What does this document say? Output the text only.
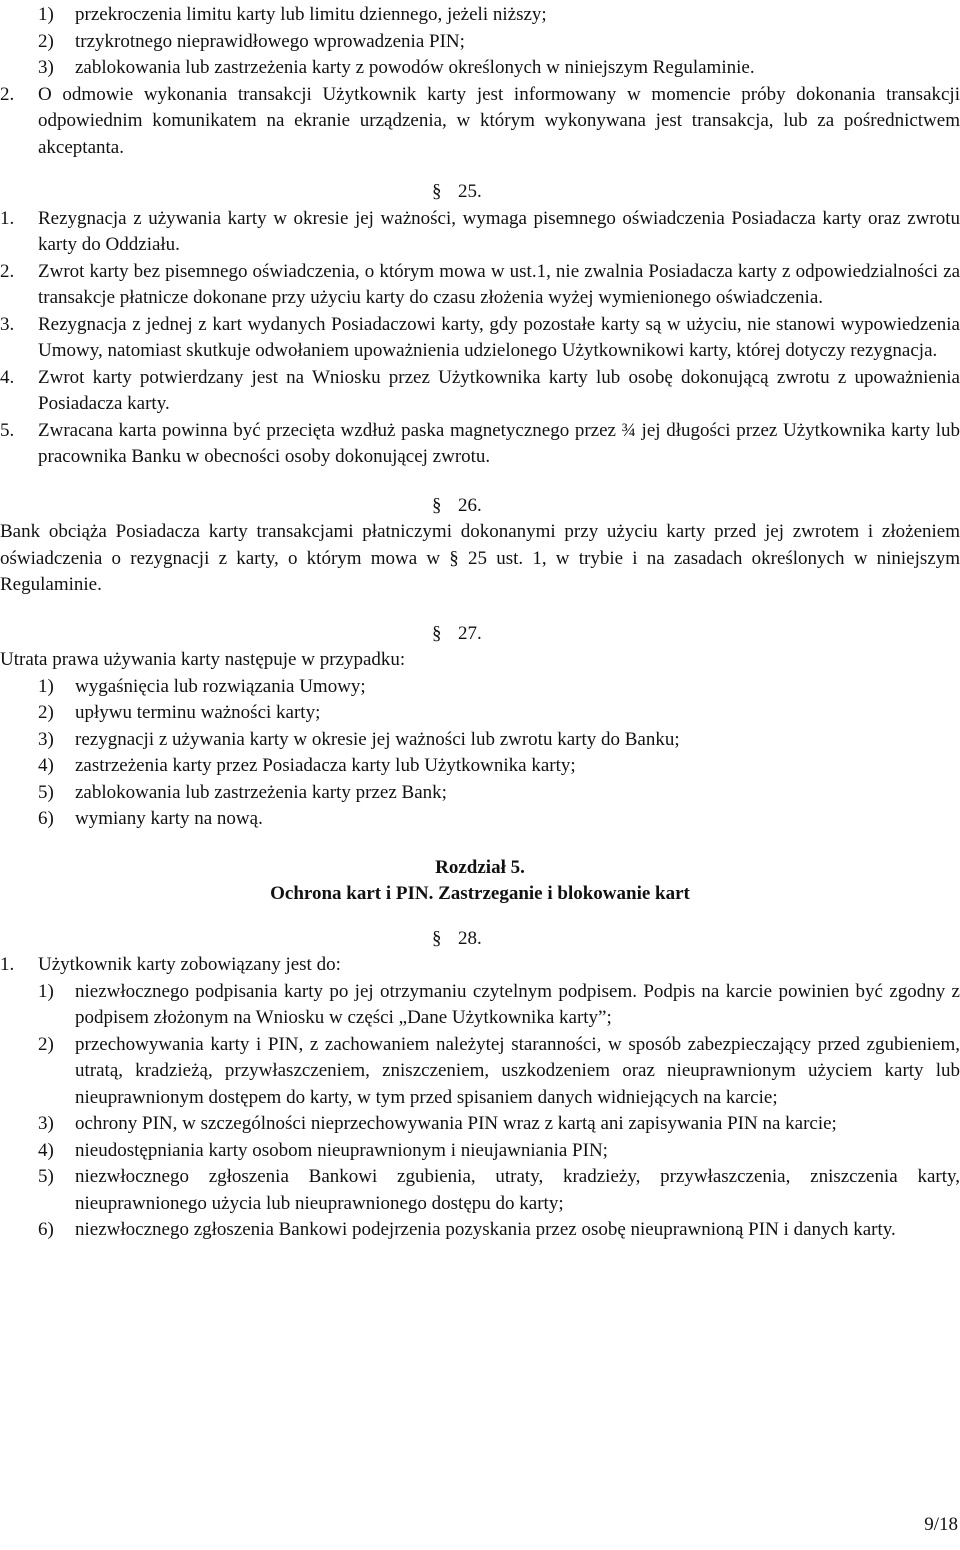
1)	przekroczenia limitu karty lub limitu dziennego, jeżeli niższy;
2)	trzykrotnego nieprawidłowego wprowadzenia PIN;
3)	zablokowania lub zastrzeżenia karty z powodów określonych w niniejszym Regulaminie.
2.	O odmowie wykonania transakcji Użytkownik karty jest informowany w momencie próby dokonania transakcji odpowiednim komunikatem na ekranie urządzenia, w którym wykonywana jest transakcja, lub za pośrednictwem akceptanta.

§ 25.

1.	Rezygnacja z używania karty w okresie jej ważności, wymaga pisemnego oświadczenia Posiadacza karty oraz zwrotu karty do Oddziału.
2.	Zwrot karty bez pisemnego oświadczenia, o którym mowa w ust.1, nie zwalnia Posiadacza karty z odpowiedzialności za transakcje płatnicze dokonane przy użyciu karty do czasu złożenia wyżej wymienionego oświadczenia.
3.	Rezygnacja z jednej z kart wydanych Posiadaczowi karty, gdy pozostałe karty są w użyciu, nie stanowi wypowiedzenia Umowy, natomiast skutkuje odwołaniem upoważnienia udzielonego Użytkownikowi karty, której dotyczy rezygnacja.
4.	Zwrot karty potwierdzany jest na Wniosku przez Użytkownika karty lub osobę dokonującą zwrotu z upoważnienia Posiadacza karty.
5.	Zwracana karta powinna być przecięta wzdłuż paska magnetycznego przez ¾ jej długości przez Użytkownika karty lub pracownika Banku w obecności osoby dokonującej zwrotu.

§ 26.

Bank obciąża Posiadacza karty transakcjami płatniczymi dokonanymi przy użyciu karty przed jej zwrotem i złożeniem oświadczenia o rezygnacji z karty, o którym mowa w § 25 ust. 1, w trybie i na zasadach określonych w niniejszym Regulaminie.

§ 27.

Utrata prawa używania karty następuje w przypadku:

1)	wygaśnięcia lub rozwiązania Umowy;
2)	upływu terminu ważności karty;
3)	rezygnacji z używania karty w okresie jej ważności lub zwrotu karty do Banku;
4)	zastrzeżenia karty przez Posiadacza karty lub Użytkownika karty;
5)	zablokowania lub zastrzeżenia karty przez Bank;
6)	wymiany karty na nową.

Rozdział 5.

Ochrona kart i PIN. Zastrzeganie i blokowanie kart

§ 28.

1.	Użytkownik karty zobowiązany jest do:
1)	niezwłocznego podpisania karty po jej otrzymaniu czytelnym podpisem. Podpis na karcie powinien być zgodny z podpisem złożonym na Wniosku w części „Dane Użytkownika karty”;
2)	przechowywania karty i PIN, z zachowaniem należytej staranności, w sposób zabezpieczający przed zgubieniem, utratą, kradzieżą, przywłaszczeniem, zniszczeniem, uszkodzeniem oraz nieuprawnionym użyciem karty lub nieuprawnionym dostępem do karty, w tym przed spisaniem danych widniejących na karcie;
3)	ochrony PIN, w szczególności nieprzechowywania PIN wraz z kartą ani zapisywania PIN na karcie;
4)	nieudostępniania karty osobom nieuprawnionym i nieujawniania PIN;
5)	niezwłocznego zgłoszenia Bankowi zgubienia, utraty, kradzieży, przywłaszczenia, zniszczenia karty, nieuprawnionego użycia lub nieuprawnionego dostępu do karty;
6)	niezwłocznego zgłoszenia Bankowi podejrzenia pozyskania przez osobę nieuprawnioną PIN i danych karty.
9/18
